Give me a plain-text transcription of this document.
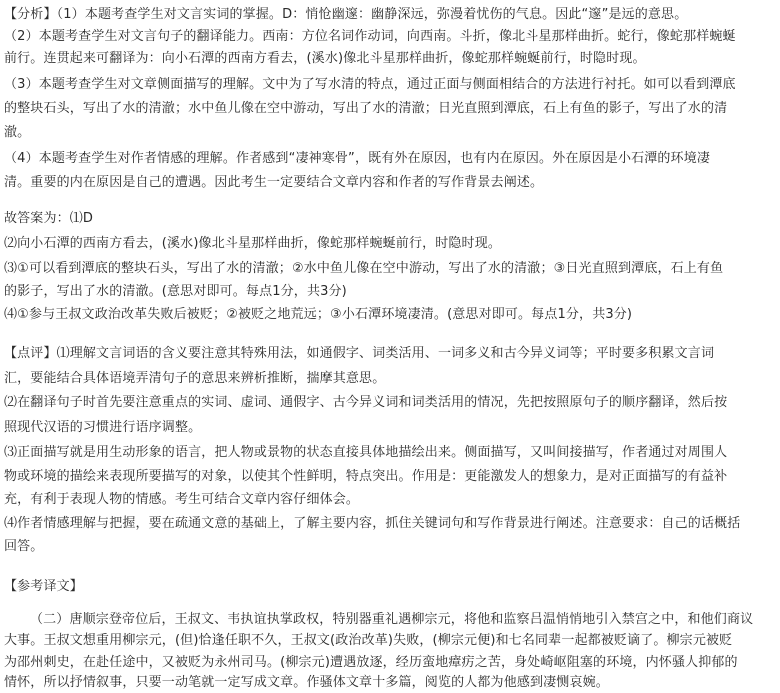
【分析】（1）本题考查学生对文言实词的掌握。D：悄怆幽邃：幽静深远，弥漫着忧伤的气息。因此“邃”是远的意思。
（2）本题考查学生对文言句子的翻译能力。西南：方位名词作动词，向西南。斗折，像北斗星那样曲折。蛇行，像蛇那样蜿蜒
前行。连贯起来可翻译为：向小石潭的西南方看去，(溪水)像北斗星那样曲折，像蛇那样蜿蜒前行，时隐时现。
（3）本题考查学生对文章侧面描写的理解。文中为了写水清的特点，通过正面与侧面相结合的方法进行衬托。如可以看到潭底
的整块石头，写出了水的清澈；水中鱼儿像在空中游动，写出了水的清澈；日光直照到潭底，石上有鱼的影子，写出了水的清
澈。
（4）本题考查学生对作者情感的理解。作者感到“凄神寒骨”，既有外在原因，也有内在原因。外在原因是小石潭的环境凄
清。重要的内在原因是自己的遭遇。因此考生一定要结合文章内容和作者的写作背景去阐述。
故答案为：⑴D
⑵向小石潭的西南方看去，(溪水)像北斗星那样曲折，像蛇那样蜿蜒前行，时隐时现。
⑶①可以看到潭底的整块石头，写出了水的清澈；②水中鱼儿像在空中游动，写出了水的清澈；③日光直照到潭底，石上有鱼
的影子，写出了水的清澈。(意思对即可。每点1分，共3分)
⑷①参与王叔文政治改革失败后被贬；②被贬之地荒远；③小石潭环境凄清。(意思对即可。每点1分，共3分)
【点评】⑴理解文言词语的含义要注意其特殊用法，如通假字、词类活用、一词多义和古今异义词等；平时要多积累文言词
汇，要能结合具体语境弄清句子的意思来辨析推断，揣摩其意思。
⑵在翻译句子时首先要注意重点的实词、虚词、通假字、古今异义词和词类活用的情况，先把按照原句子的顺序翻译，然后按
照现代汉语的习惯进行语序调整。
⑶正面描写就是用生动形象的语言，把人物或景物的状态直接具体地描绘出来。侧面描写，又叫间接描写，作者通过对周围人
物或环境的描绘来表现所要描写的对象，以使其个性鲜明，特点突出。作用是：更能激发人的想象力，是对正面描写的有益补
充，有利于表现人物的情感。考生可结合文章内容仔细体会。
⑷作者情感理解与把握，要在疏通文意的基础上，了解主要内容，抓住关键词句和写作背景进行阐述。注意要求：自己的话概括
回答。
【参考译文】
（二）唐顺宗登帝位后，王叔文、韦执谊执掌政权，特别器重礼遇柳宗元，将他和监察吕温悄悄地引入禁宫之中，和他们商议
大事。王叔文想重用柳宗元，(但)恰逢任职不久，王叔文(政治改革)失败，(柳宗元便)和七名同辈一起都被贬谪了。柳宗元被贬
为邵州刺史，在赴任途中，又被贬为永州司马。(柳宗元)遭遇放逐，经历蛮地瘴疠之苦，身处崎岖阻塞的环境，内怀骚人抑郁的
情怀，所以抒情叙事，只要一动笔就一定写成文章。作骚体文章十多篇，阅览的人都为他感到凄恻哀婉。
